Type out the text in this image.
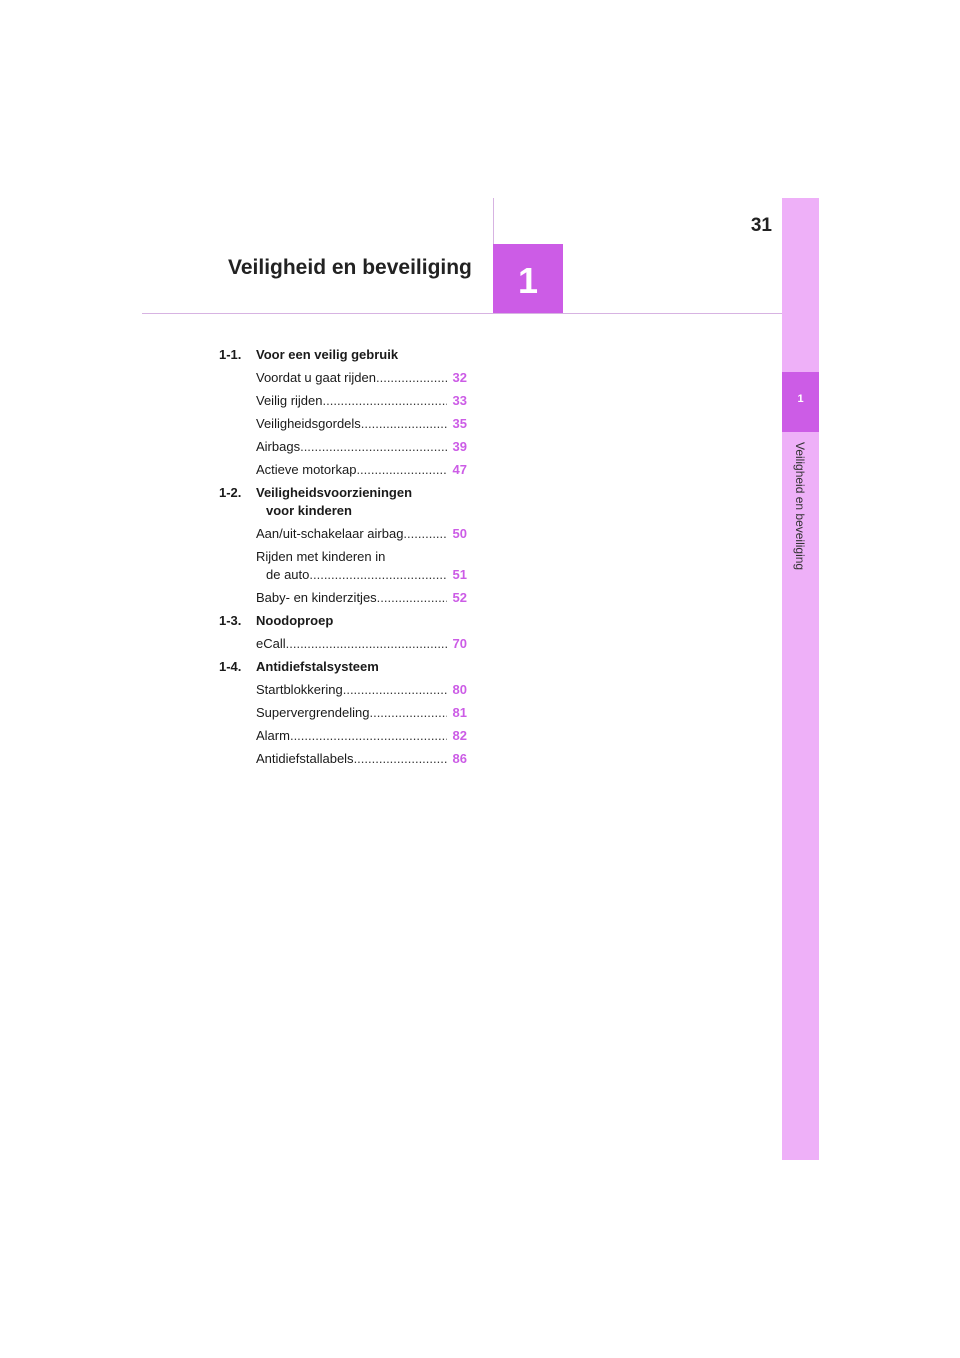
31
1
Veiligheid en beveiliging
Veiligheid en beveiliging	1
1-1.	Voor een veilig gebruik
Voordat u gaat rijden .....	32
Veilig rijden .....	33
Veiligheidsgordels .....	35
Airbags .....	39
Actieve motorkap .....	47
1-2.	Veiligheidsvoorzieningen
voor kinderen
Aan/uit-schakelaar airbag .....	50
Rijden met kinderen in
de auto .....	51
Baby- en kinderzitjes .....	52
1-3.	Noodoproep
eCall .....	70
1-4.	Antidiefstalsysteem
Startblokkering .....	80
Supervergrendeling .....	81
Alarm .....	82
Antidiefstallabels .....	86
